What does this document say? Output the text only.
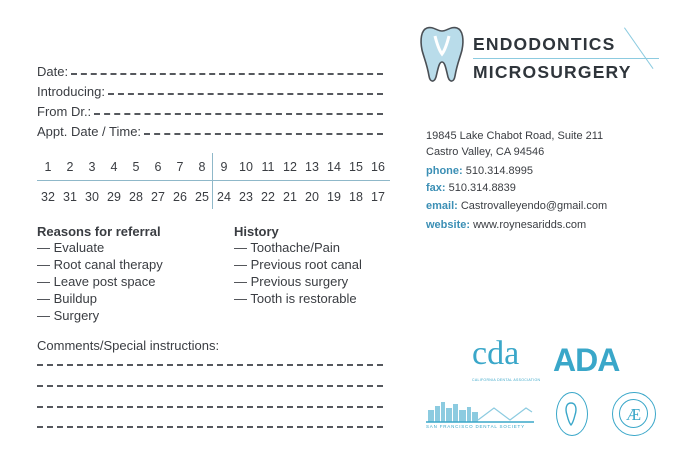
Date:
Introducing:
From Dr.:
Appt. Date / Time:
1	2	3	4	5	6	7	8	9 10 11 12 13 14 15 16
32 31 30 29 28 27 26 25 24 23 22 21 20 19 18 17
Reasons for referral
— Evaluate
— Root canal therapy
— Leave post space
— Buildup
— Surgery
History
— Toothache/Pain
— Previous root canal
— Previous surgery
— Tooth is restorable
Comments/Special instructions:
ENDODONTICS
MICROSURGERY
19845 Lake Chabot Road, Suite 211
Castro Valley, CA 94546
phone: 510.314.8995
fax: 510.314.8839
email: Castrovalleyendo@gmail.com
website: www.roynesaridds.com
cda
CALIFORNIA DENTAL ASSOCIATION
ADA
SAN FRANCISCO DENTAL SOCIETY
Æ
